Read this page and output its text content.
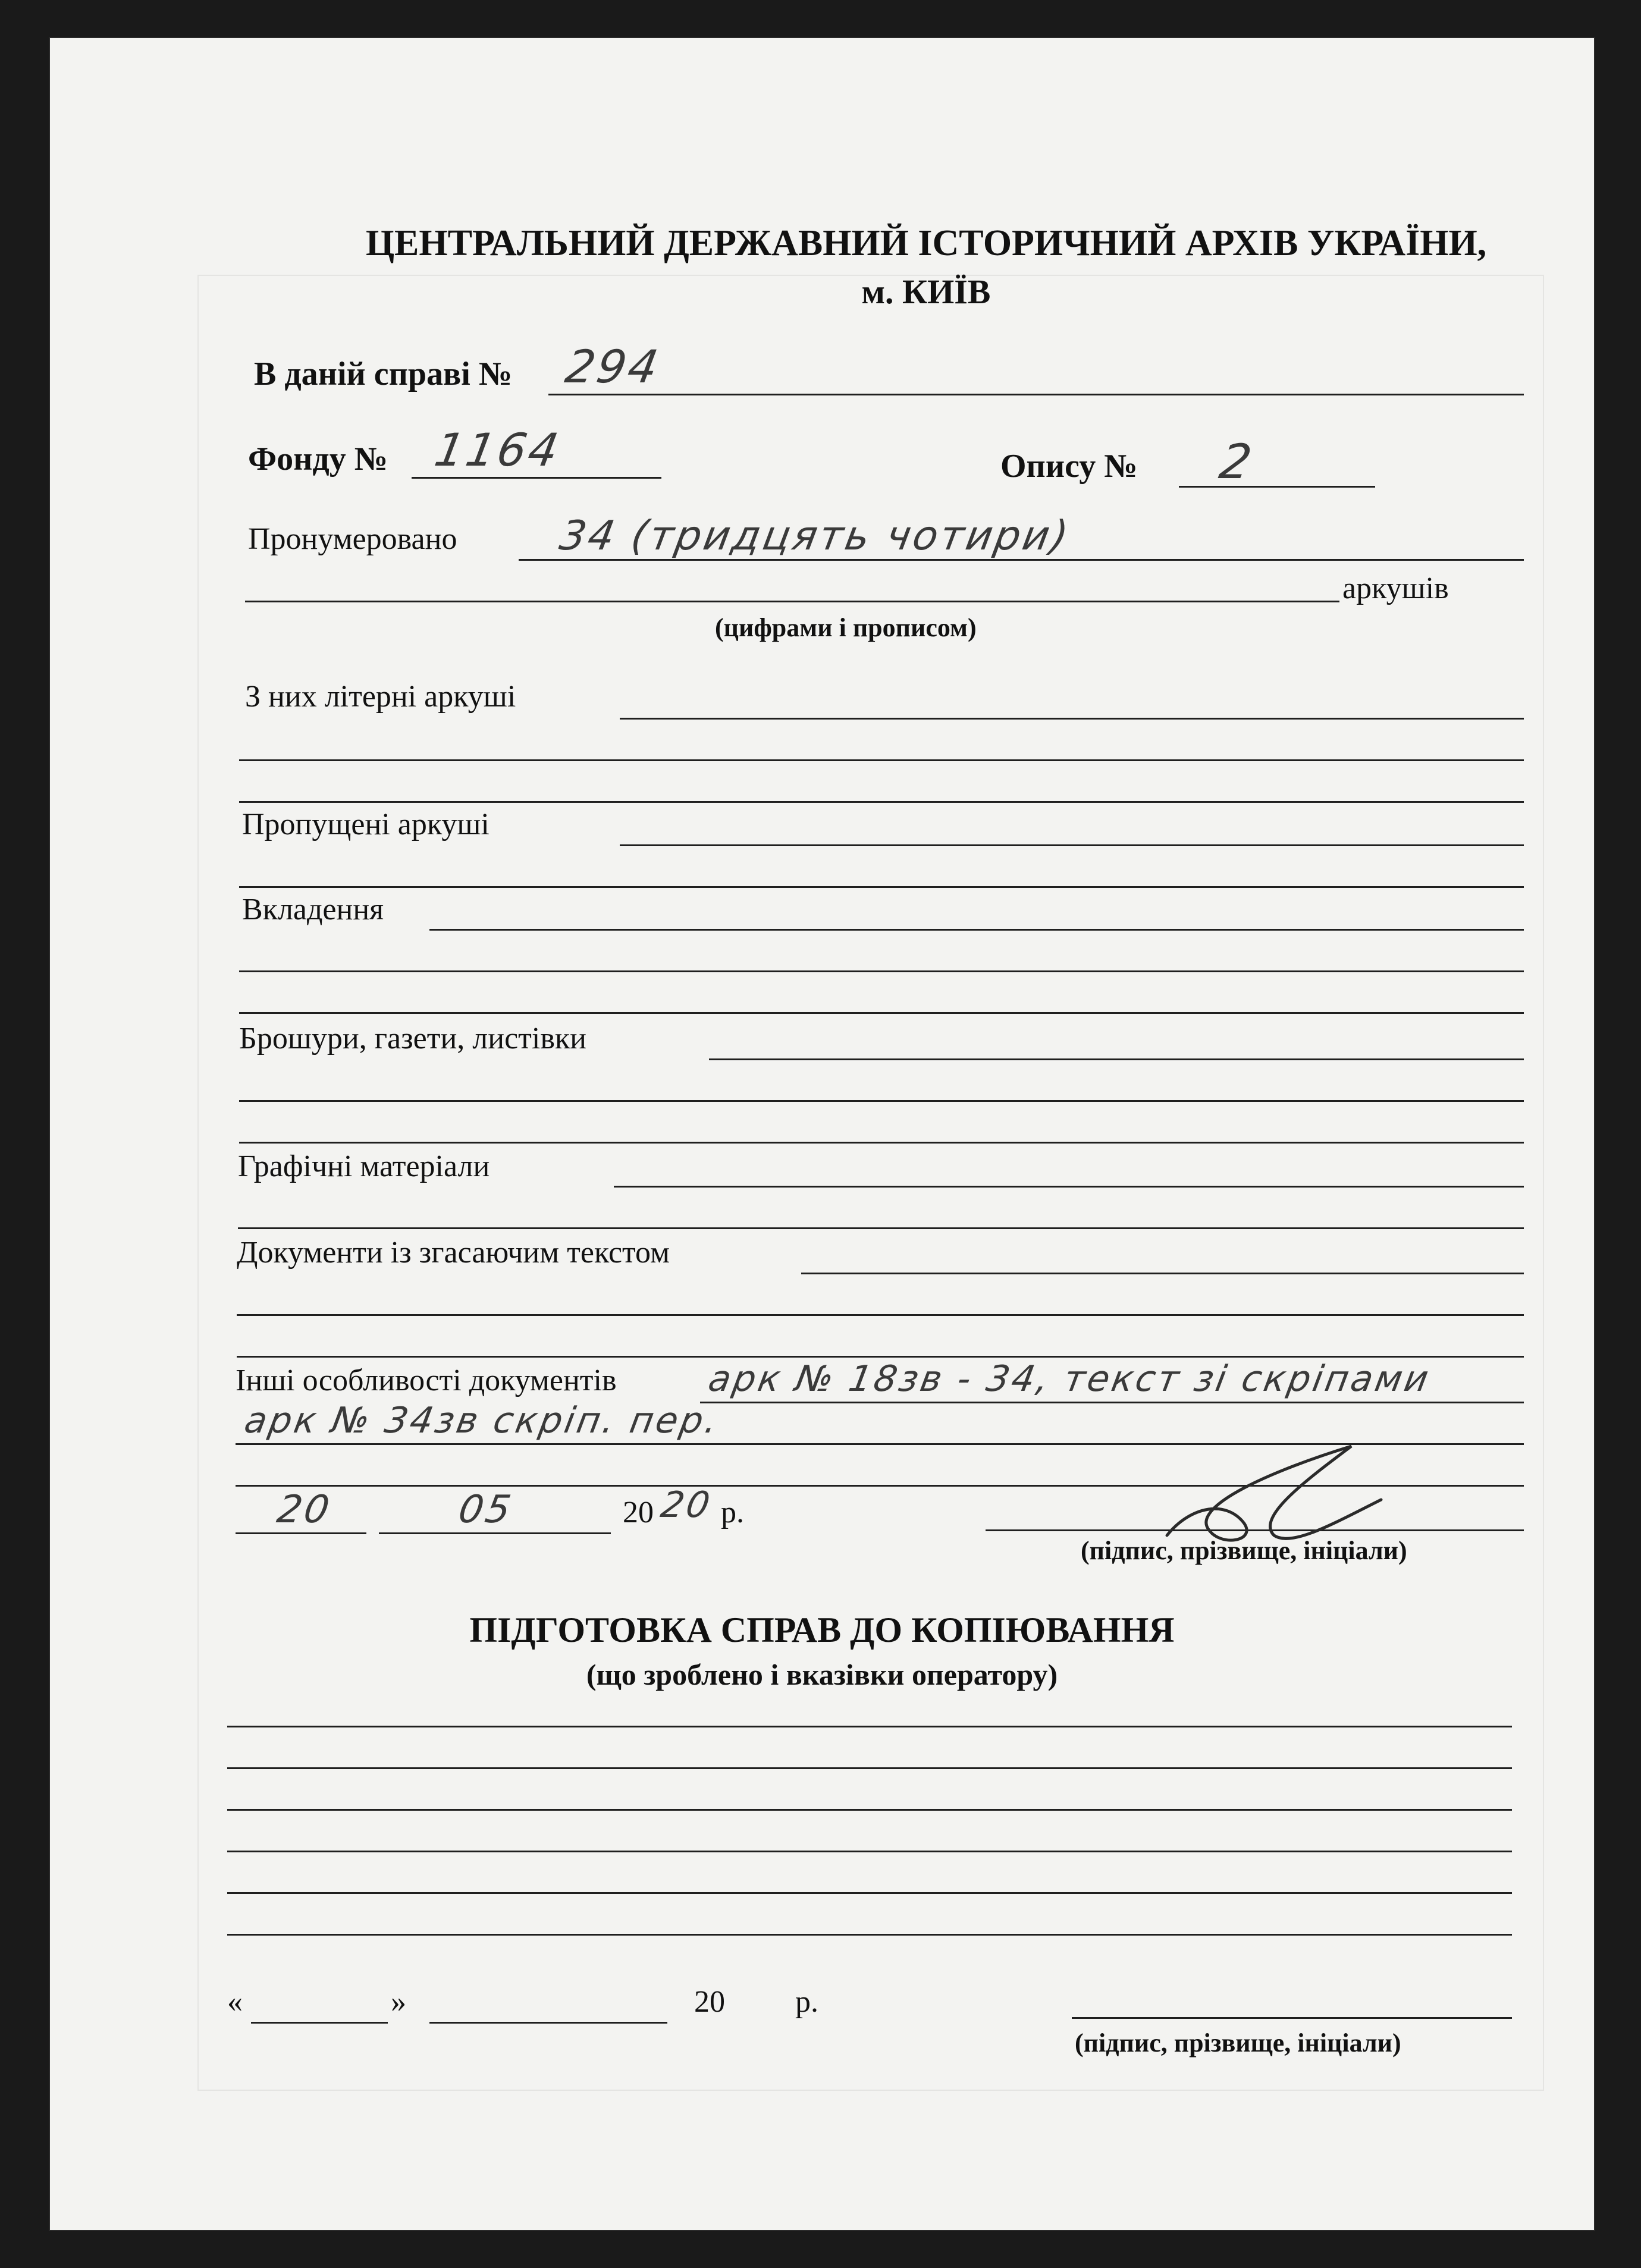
ЦЕНТРАЛЬНИЙ ДЕРЖАВНИЙ ІСТОРИЧНИЙ АРХІВ УКРАЇНИ,
м. КИЇВ
В даній справі № 294
Фонду № 1164	Опису № 2
Пронумеровано 34 (тридцять чотири)
аркушів
(цифрами і прописом)
З них літерні аркуші
Пропущені аркуші
Вкладення
Брошури, газети, листівки
Графічні матеріали
Документи із згасаючим текстом
Інші особливості документів арк № 18зв - 34, текст зі скріпами
арк № 34зв скріп. пер.
20	05	20 20 р.
(підпис, прізвище, ініціали)
ПІДГОТОВКА СПРАВ ДО КОПІЮВАННЯ
(що зроблено і вказівки оператору)
«	»	20 р.
(підпис, прізвище, ініціали)
